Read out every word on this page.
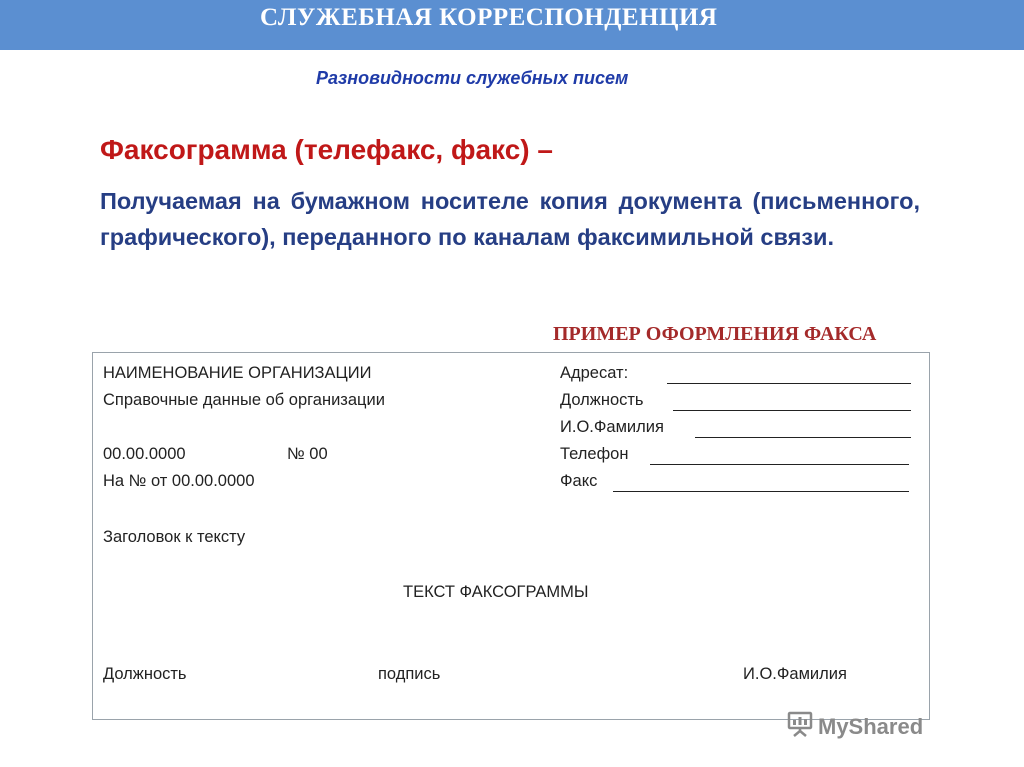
СЛУЖЕБНАЯ КОРРЕСПОНДЕНЦИЯ
Разновидности служебных писем
Факсограмма (телефакс, факс) –
Получаемая на бумажном носителе копия документа (письменного, графического), переданного по каналам факсимильной связи.
ПРИМЕР ОФОРМЛЕНИЯ ФАКСА
НАИМЕНОВАНИЕ ОРГАНИЗАЦИИ
Справочные данные об организации
00.00.0000	№ 00
На № от 00.00.0000
Заголовок к тексту
Адресат:
Должность
И.О.Фамилия
Телефон
Факс
ТЕКСТ ФАКСОГРАММЫ
Должность	подпись	И.О.Фамилия
MyShared
